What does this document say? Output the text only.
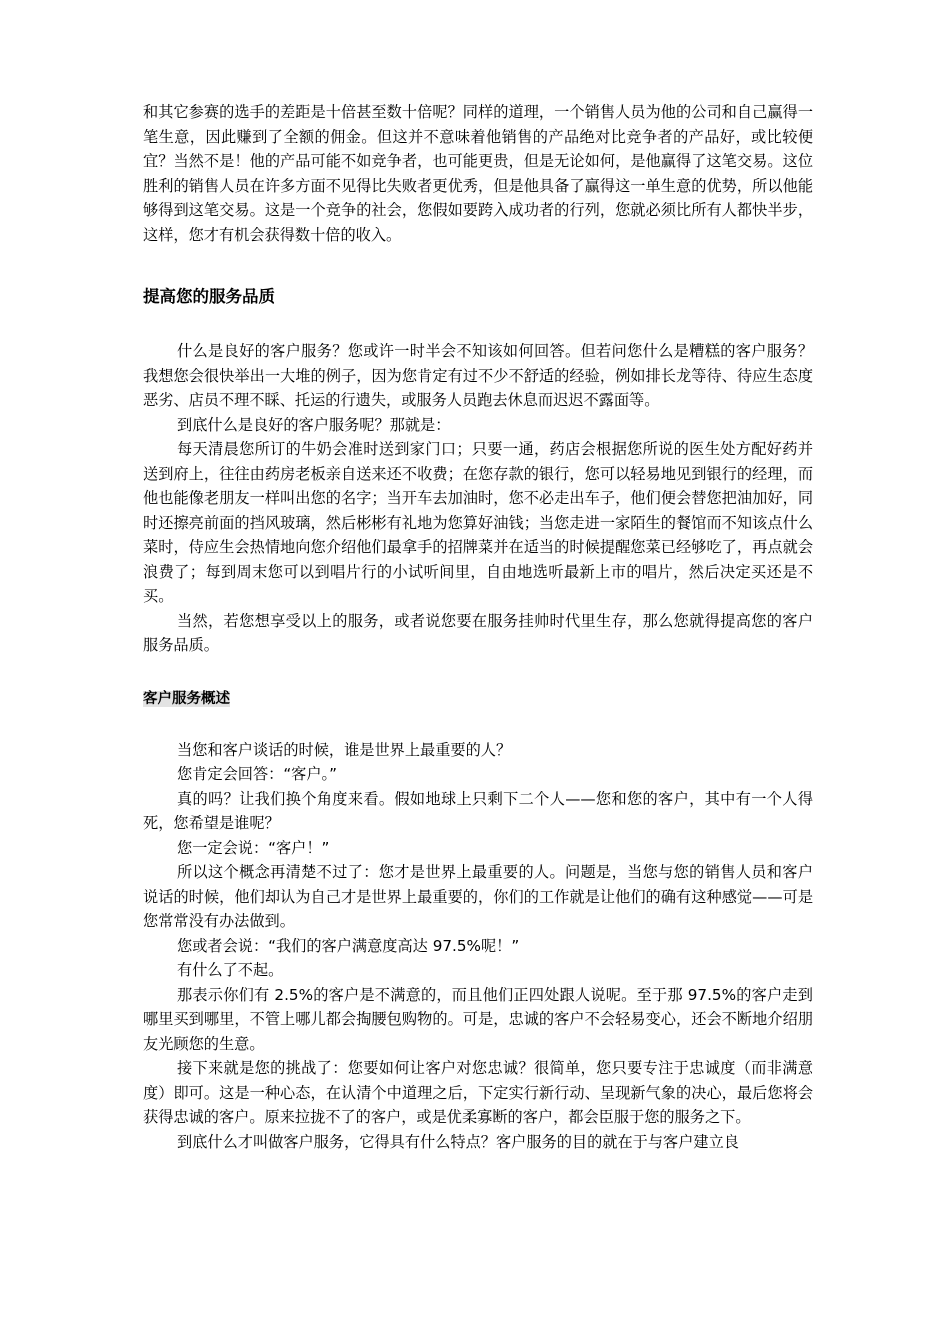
和其它参赛的选手的差距是十倍甚至数十倍呢？同样的道理，一个销售人员为他的公司和自己赢得一笔生意，因此赚到了全额的佣金。但这并不意味着他销售的产品绝对比竞争者的产品好，或比较便宜？当然不是！他的产品可能不如竞争者，也可能更贵，但是无论如何，是他赢得了这笔交易。这位胜利的销售人员在许多方面不见得比失败者更优秀，但是他具备了赢得这一单生意的优势，所以他能够得到这笔交易。这是一个竞争的社会，您假如要跨入成功者的行列，您就必须比所有人都快半步，这样，您才有机会获得数十倍的收入。

提高您的服务品质

什么是良好的客户服务？您或许一时半会不知该如何回答。但若问您什么是糟糕的客户服务？我想您会很快举出一大堆的例子，因为您肯定有过不少不舒适的经验，例如排长龙等待、待应生态度恶劣、店员不理不睬、托运的行遗失，或服务人员跑去休息而迟迟不露面等。

到底什么是良好的客户服务呢？那就是：

每天清晨您所订的牛奶会准时送到家门口；只要一通，药店会根据您所说的医生处方配好药并送到府上，往往由药房老板亲自送来还不收费；在您存款的银行，您可以轻易地见到银行的经理，而他也能像老朋友一样叫出您的名字；当开车去加油时，您不必走出车子，他们便会替您把油加好，同时还擦亮前面的挡风玻璃，然后彬彬有礼地为您算好油钱；当您走进一家陌生的餐馆而不知该点什么菜时，侍应生会热情地向您介绍他们最拿手的招牌菜并在适当的时候提醒您菜已经够吃了，再点就会浪费了；每到周末您可以到唱片行的小试听间里，自由地选听最新上市的唱片，然后决定买还是不买。

当然，若您想享受以上的服务，或者说您要在服务挂帅时代里生存，那么您就得提高您的客户服务品质。

客户服务概述

当您和客户谈话的时候，谁是世界上最重要的人？

您肯定会回答：“客户。”

真的吗？让我们换个角度来看。假如地球上只剩下二个人——您和您的客户，其中有一个人得死，您希望是谁呢？

您一定会说：“客户！”

所以这个概念再清楚不过了：您才是世界上最重要的人。问题是，当您与您的销售人员和客户说话的时候，他们却认为自己才是世界上最重要的，你们的工作就是让他们的确有这种感觉——可是您常常没有办法做到。

您或者会说：“我们的客户满意度高达 97.5%呢！”

有什么了不起。

那表示你们有 2.5%的客户是不满意的，而且他们正四处跟人说呢。至于那 97.5%的客户走到哪里买到哪里，不管上哪儿都会掏腰包购物的。可是，忠诚的客户不会轻易变心，还会不断地介绍朋友光顾您的生意。

接下来就是您的挑战了：您要如何让客户对您忠诚？很简单，您只要专注于忠诚度（而非满意度）即可。这是一种心态，在认清个中道理之后，下定实行新行动、呈现新气象的决心，最后您将会获得忠诚的客户。原来拉拢不了的客户，或是优柔寡断的客户，都会臣服于您的服务之下。

到底什么才叫做客户服务，它得具有什么特点？客户服务的目的就在于与客户建立良
